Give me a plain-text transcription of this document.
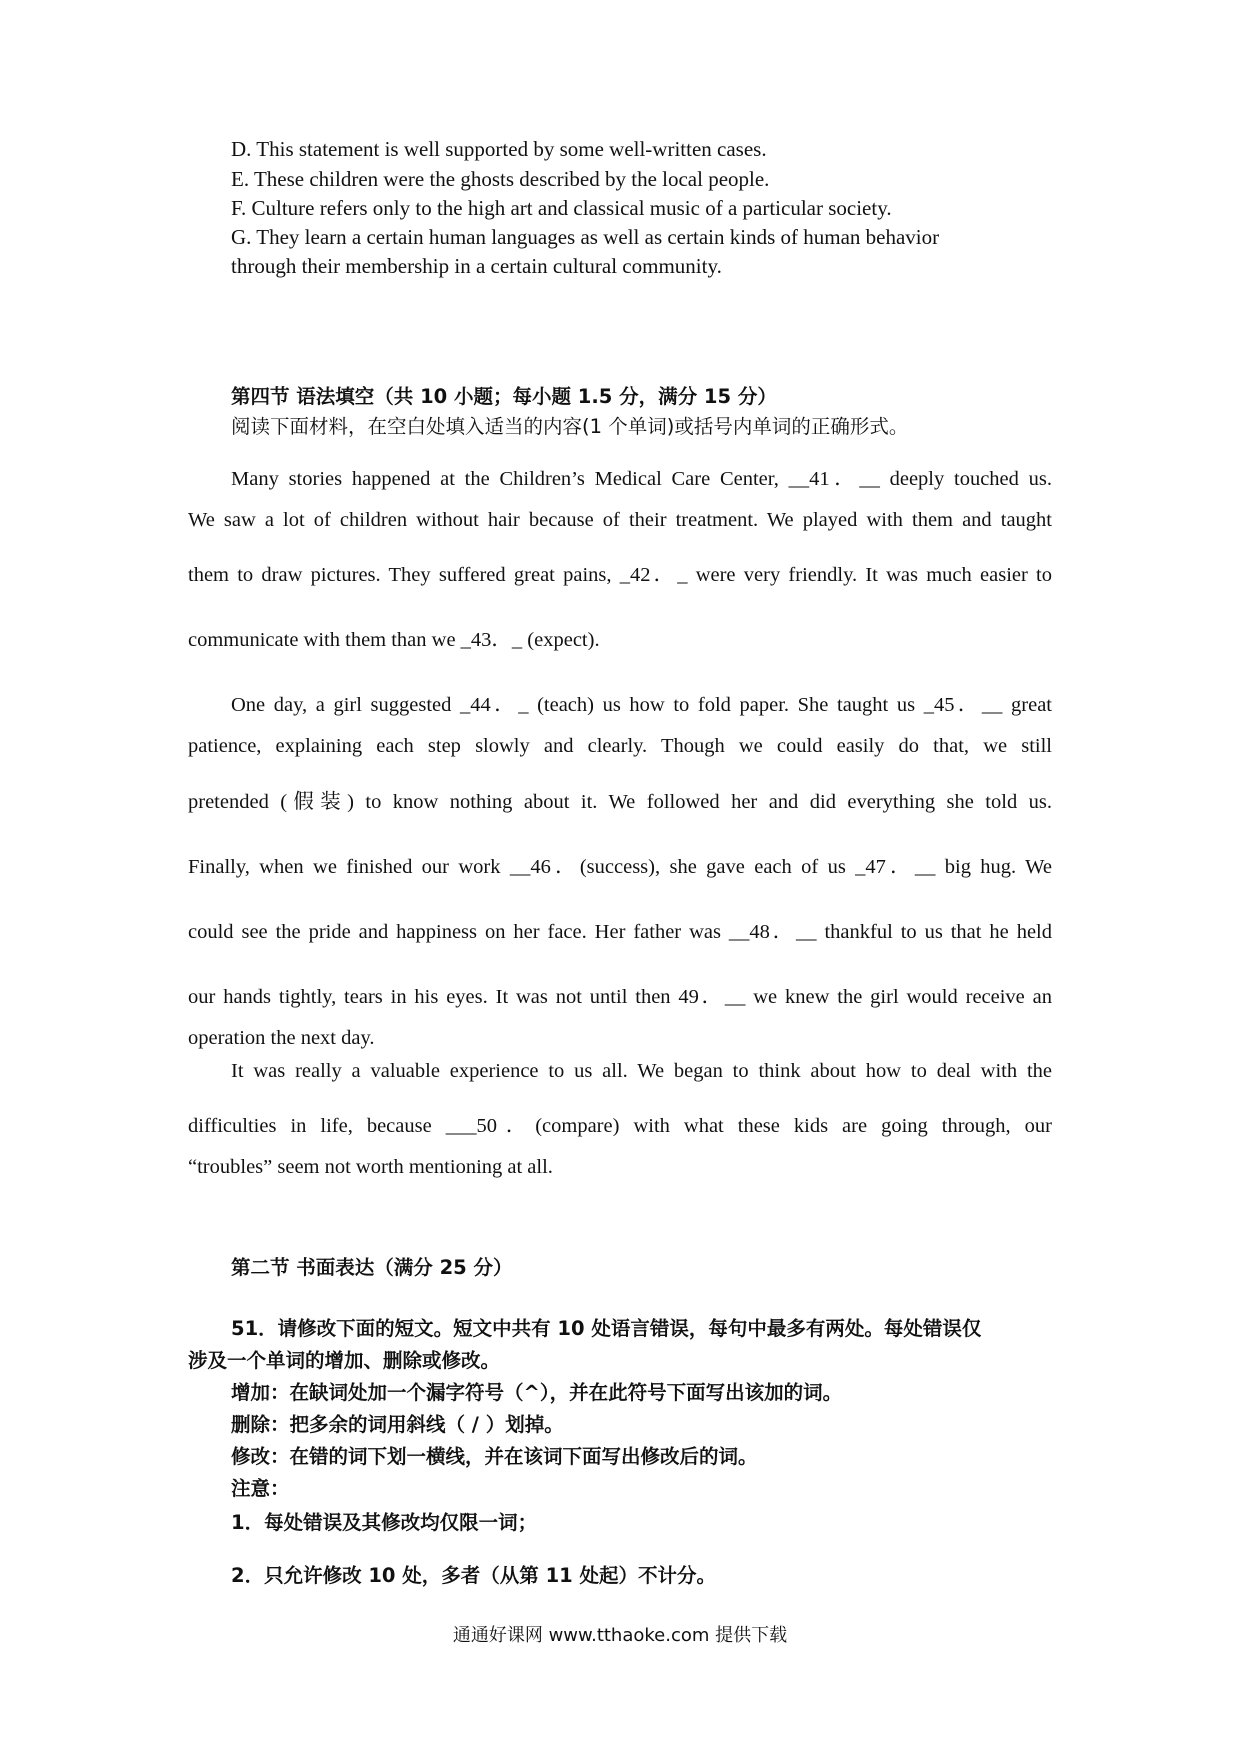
D. This statement is well supported by some well-written cases.
E. These children were the ghosts described by the local people.
F. Culture refers only to the high art and classical music of a particular society.
G. They learn a certain human languages as well as certain kinds of human behavior
through their membership in a certain cultural community.
第四节 语法填空（共 10 小题；每小题 1.5 分，满分 15 分）
阅读下面材料，在空白处填入适当的内容(1 个单词)或括号内单词的正确形式。
Many stories happened at the Children’s Medical Care Center, __41．__ deeply touched us.
We saw a lot of children without hair because of their treatment. We played with them and taught
them to draw pictures. They suffered great pains, _42．_ were very friendly. It was much easier to
communicate with them than we _43．_ (expect).
One day, a girl suggested _44．_ (teach) us how to fold paper. She taught us _45．__ great
patience, explaining each step slowly and clearly. Though we could easily do that, we still
pretended (假装) to know nothing about it. We followed her and did everything she told us.
Finally, when we finished our work __46．(success), she gave each of us _47．__ big hug. We
could see the pride and happiness on her face. Her father was __48．__ thankful to us that he held
our hands tightly, tears in his eyes. It was not until then 49．__ we knew the girl would receive an
operation the next day.
It was really a valuable experience to us all. We began to think about how to deal with the
difficulties in life, because ___50．(compare) with what these kids are going through, our
“troubles” seem not worth mentioning at all.
第二节 书面表达（满分 25 分）
51．请修改下面的短文。短文中共有 10 处语言错误，每句中最多有两处。每处错误仅
涉及一个单词的增加、删除或修改。
增加：在缺词处加一个漏字符号（^），并在此符号下面写出该加的词。
删除：把多余的词用斜线（ / ）划掉。
修改：在错的词下划一横线，并在该词下面写出修改后的词。
注意：
1．每处错误及其修改均仅限一词；
2．只允许修改 10 处，多者（从第 11 处起）不计分。
通通好课网 www.tthaoke.com 提供下载
